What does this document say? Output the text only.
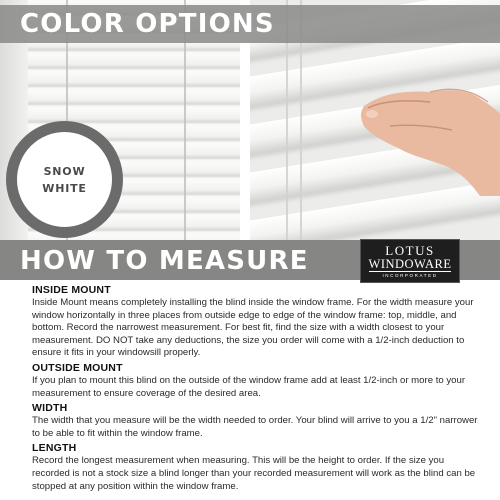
COLOR OPTIONS
SNOW
WHITE
HOW TO MEASURE	LOTUS
WINDOWARE
INCORPORATED

INSIDE MOUNT

Inside Mount means completely installing the blind inside the window frame. For the width measure your window horizontally in three places from outside edge to edge of the window frame: top, middle, and bottom. Record the narrowest measurement. For best fit, find the size with a width closest to your measurement. DO NOT take any deductions, the size you order will come with a 1/2-inch deduction to ensure it fits in your windowsill properly.

OUTSIDE MOUNT

If you plan to mount this blind on the outside of the window frame add at least 1/2-inch or more to your measurement to ensure coverage of the desired area.

WIDTH

The width that you measure will be the width needed to order. Your blind will arrive to you a 1/2" narrower to be able to fit within the window frame.

LENGTH

Record the longest measurement when measuring. This will be the height to order. If the size you recorded is not a stock size a blind longer than your recorded measurement will work as the blind can be stopped at any position within the window frame.
